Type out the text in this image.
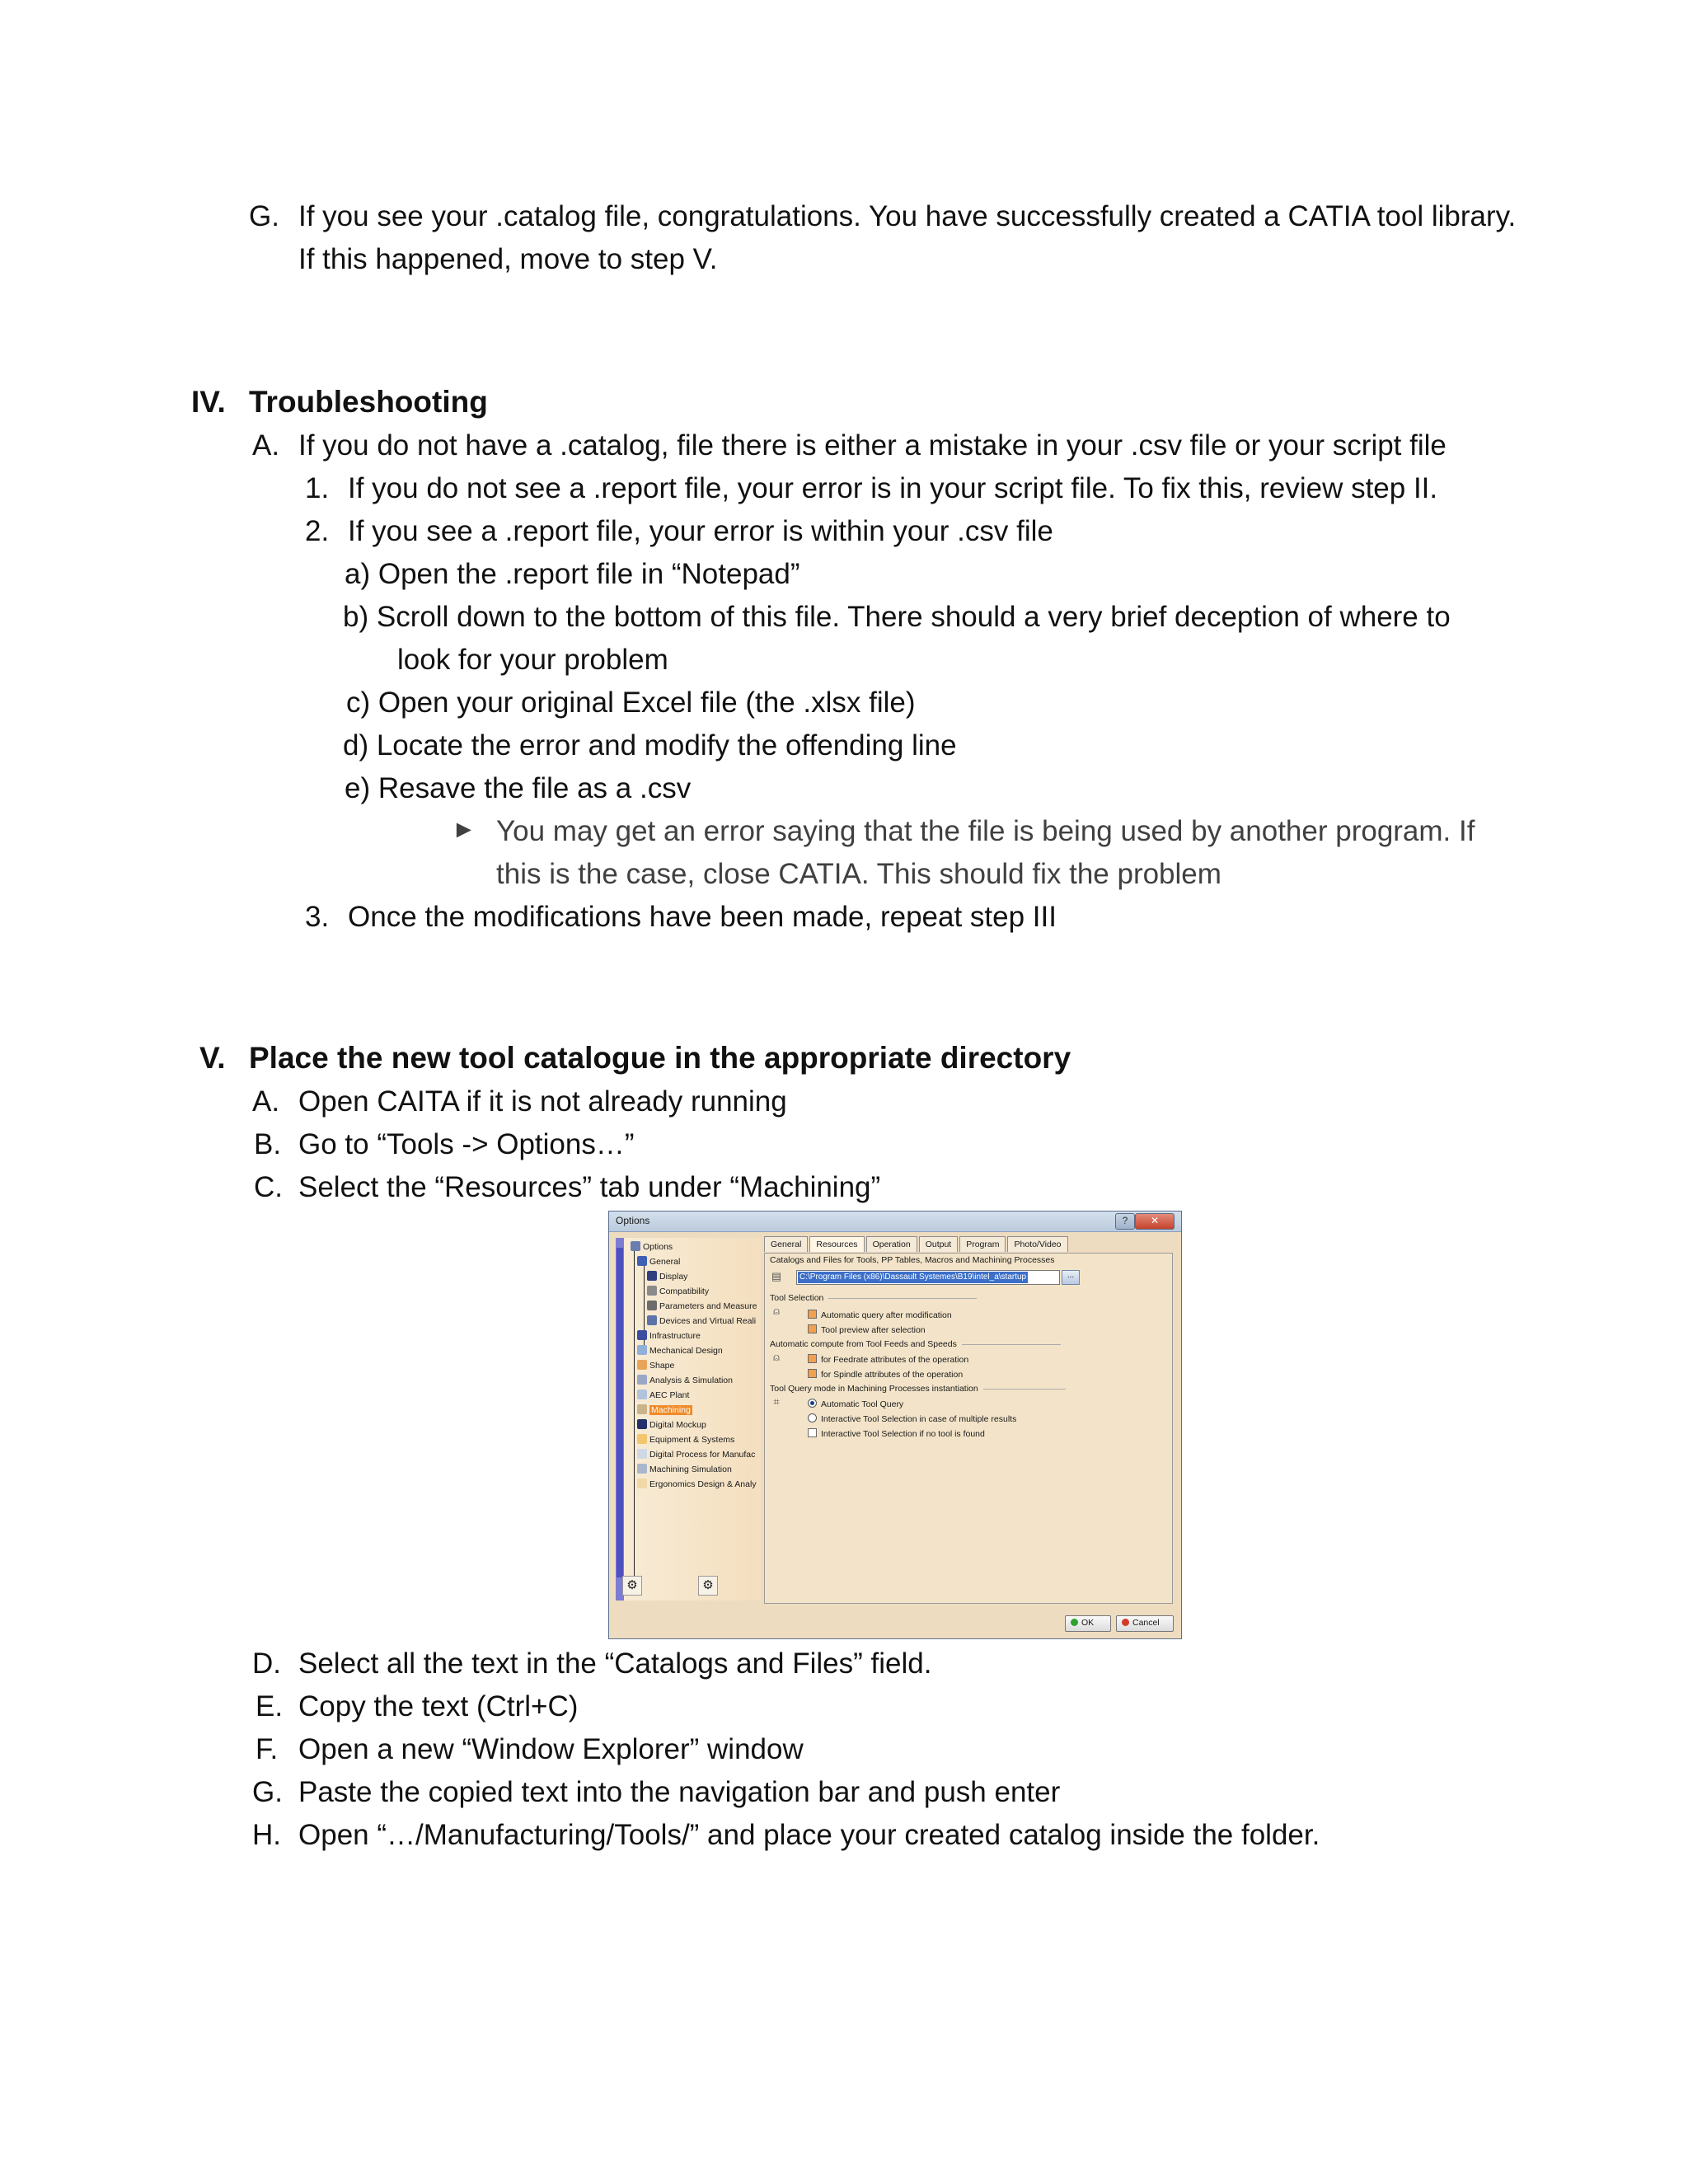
G. If you see your .catalog file, congratulations. You have successfully created a CATIA tool library.
If this happened, move to step V.
IV. Troubleshooting
A. If you do not have a .catalog, file there is either a mistake in your .csv file or your script file
1. If you do not see a .report file, your error is in your script file. To fix this, review step II.
2. If you see a .report file, your error is within your .csv file
a) Open the .report file in “Notepad”
b) Scroll down to the bottom of this file. There should a very brief deception of where to
look for your problem
c) Open your original Excel file (the .xlsx file)
d) Locate the error and modify the offending line
e) Resave the file as a .csv
► You may get an error saying that the file is being used by another program. If
this is the case, close CATIA. This should fix the problem
3. Once the modifications have been made, repeat step III
V. Place the new tool catalogue in the appropriate directory
A. Open CAITA if it is not already running
B. Go to “Tools -> Options…”
C. Select the “Resources” tab under “Machining”
Options	?	✕
Options
General
Display
Compatibility
Parameters and Measure
Devices and Virtual Reali
Infrastructure
Mechanical Design
Shape
Analysis & Simulation
AEC Plant
Machining
Digital Mockup
Equipment & Systems
Digital Process for Manufac
Machining Simulation
Ergonomics Design & Analy
⚙	⚙
General	Resources	Operation	Output	Program	Photo/Video
Catalogs and Files for Tools, PP Tables, Macros and Machining Processes
▤ C:\Program Files (x86)\Dassault Systemes\B19\intel_a\startup	...
Tool Selection
⍝	Automatic query after modification
Tool preview after selection
Automatic compute from Tool Feeds and Speeds
⍝	for Feedrate attributes of the operation
for Spindle attributes of the operation
Tool Query mode in Machining Processes instantiation
⌗	Automatic Tool Query
Interactive Tool Selection in case of multiple results
Interactive Tool Selection if no tool is found
OK	Cancel
D. Select all the text in the “Catalogs and Files” field.
E. Copy the text (Ctrl+C)
F. Open a new “Window Explorer” window
G. Paste the copied text into the navigation bar and push enter
H. Open “…/Manufacturing/Tools/” and place your created catalog inside the folder.
